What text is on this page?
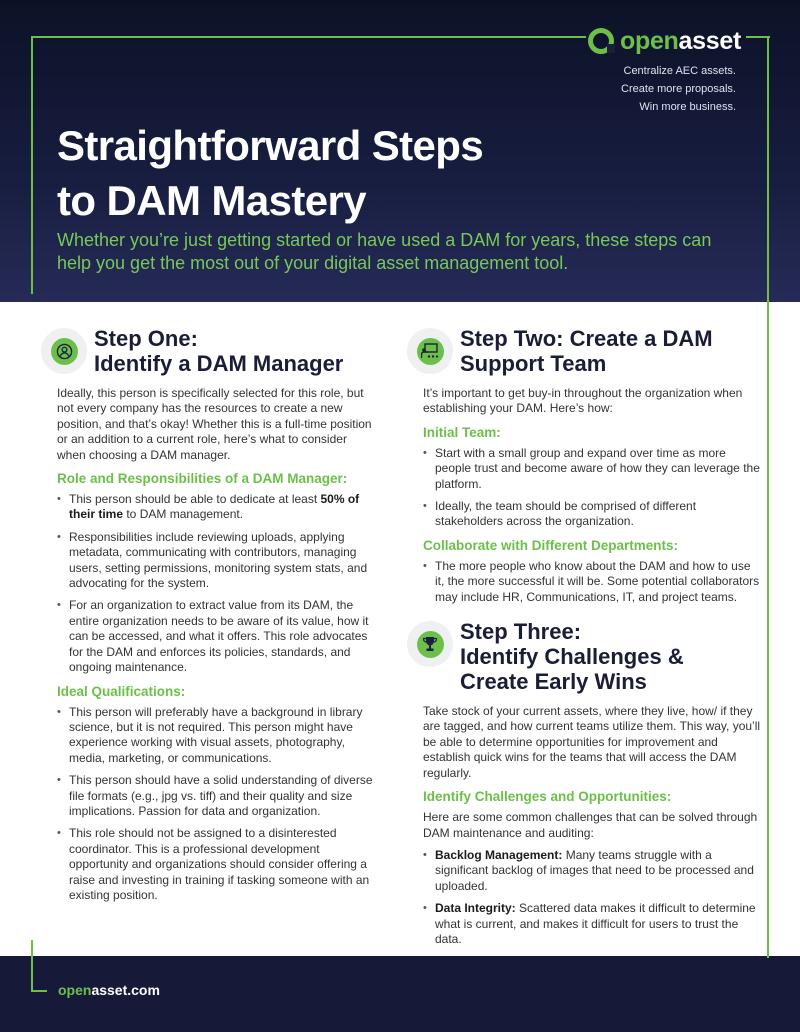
openasset
Centralize AEC assets.
Create more proposals.
Win more business.
Straightforward Steps
to DAM Mastery

Whether you’re just getting started or have used a DAM for years, these steps can help you get the most out of your digital asset management tool.

Step One:
Identify a DAM Manager

Ideally, this person is specifically selected for this role, but not every company has the resources to create a new position, and that’s okay! Whether this is a full-time position or an addition to a current role, here’s what to consider when choosing a DAM manager.

Role and Responsibilities of a DAM Manager:
• This person should be able to dedicate at least 50% of their time to DAM management.
• Responsibilities include reviewing uploads, applying metadata, communicating with contributors, managing users, setting permissions, monitoring system stats, and advocating for the system.
• For an organization to extract value from its DAM, the entire organization needs to be aware of its value, how it can be accessed, and what it offers. This role advocates for the DAM and enforces its policies, standards, and ongoing maintenance.
Ideal Qualifications:
• This person will preferably have a background in library science, but it is not required. This person might have experience working with visual assets, photography, media, marketing, or communications.
• This person should have a solid understanding of diverse file formats (e.g., jpg vs. tiff) and their quality and size implications. Passion for data and organization.
• This role should not be assigned to a disinterested coordinator. This is a professional development opportunity and organizations should consider offering a raise and investing in training if tasking someone with an existing position.
Step Two: Create a DAM
Support Team

It’s important to get buy-in throughout the organization when establishing your DAM. Here’s how:

Initial Team:
• Start with a small group and expand over time as more people trust and become aware of how they can leverage the platform.
• Ideally, the team should be comprised of different stakeholders across the organization.
Collaborate with Different Departments:
• The more people who know about the DAM and how to use it, the more successful it will be. Some potential collaborators may include HR, Communications, IT, and project teams.
Step Three:
Identify Challenges &
Create Early Wins

Take stock of your current assets, where they live, how/ if they are tagged, and how current teams utilize them. This way, you’ll be able to determine opportunities for improvement and establish quick wins for the teams that will access the DAM regularly.

Identify Challenges and Opportunities:

Here are some common challenges that can be solved through DAM maintenance and auditing:

• Backlog Management: Many teams struggle with a significant backlog of images that need to be processed and uploaded.
• Data Integrity: Scattered data makes it difficult to determine what is current, and makes it difficult for users to trust the data.
openasset.com
